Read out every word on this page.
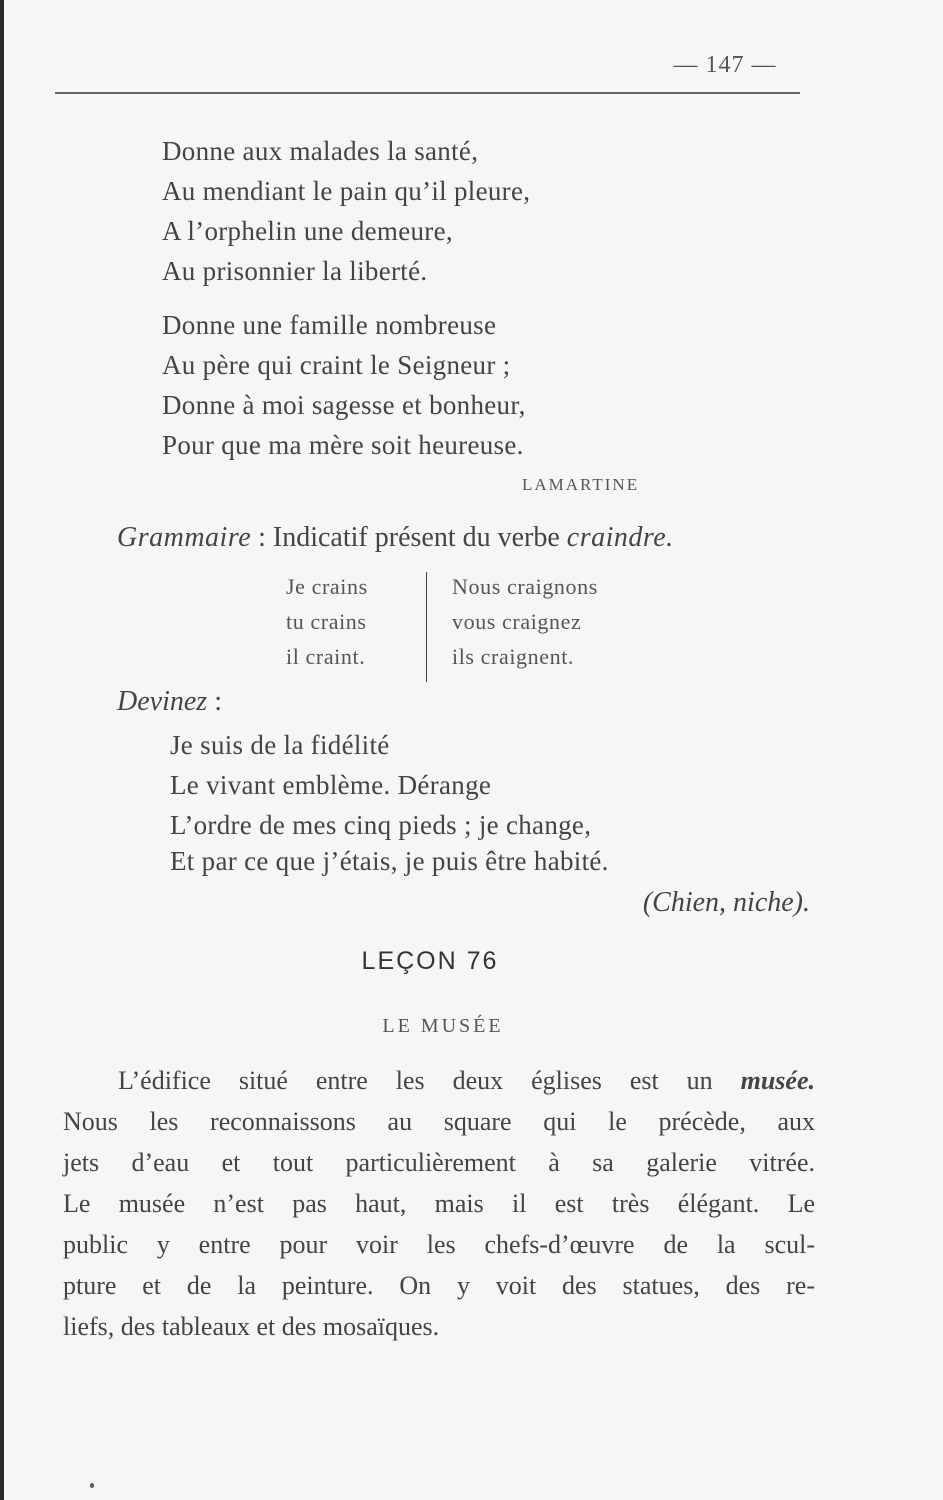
— 147 —
Donne aux malades la santé,
Au mendiant le pain qu’il pleure,
A l’orphelin une demeure,
Au prisonnier la liberté.
Donne une famille nombreuse
Au père qui craint le Seigneur ;
Donne à moi sagesse et bonheur,
Pour que ma mère soit heureuse.
LAMARTINE
Grammaire : Indicatif présent du verbe craindre.
Je crains
tu crains
il craint.
Nous craignons
vous craignez
ils craignent.
Devinez :
Je suis de la fidélité
Le vivant emblème. Dérange
L’ordre de mes cinq pieds ; je change,
Et par ce que j’étais, je puis être habité.
(Chien, niche).
LEÇON 76
LE MUSÉE
L’édifice situé entre les deux églises est un musée.
Nous les reconnaissons au square qui le précède, aux
jets d’eau et tout particulièrement à sa galerie vitrée.
Le musée n’est pas haut, mais il est très élégant. Le
public y entre pour voir les chefs-d’œuvre de la scul-
pture et de la peinture. On y voit des statues, des re-
liefs, des tableaux et des mosaïques.
